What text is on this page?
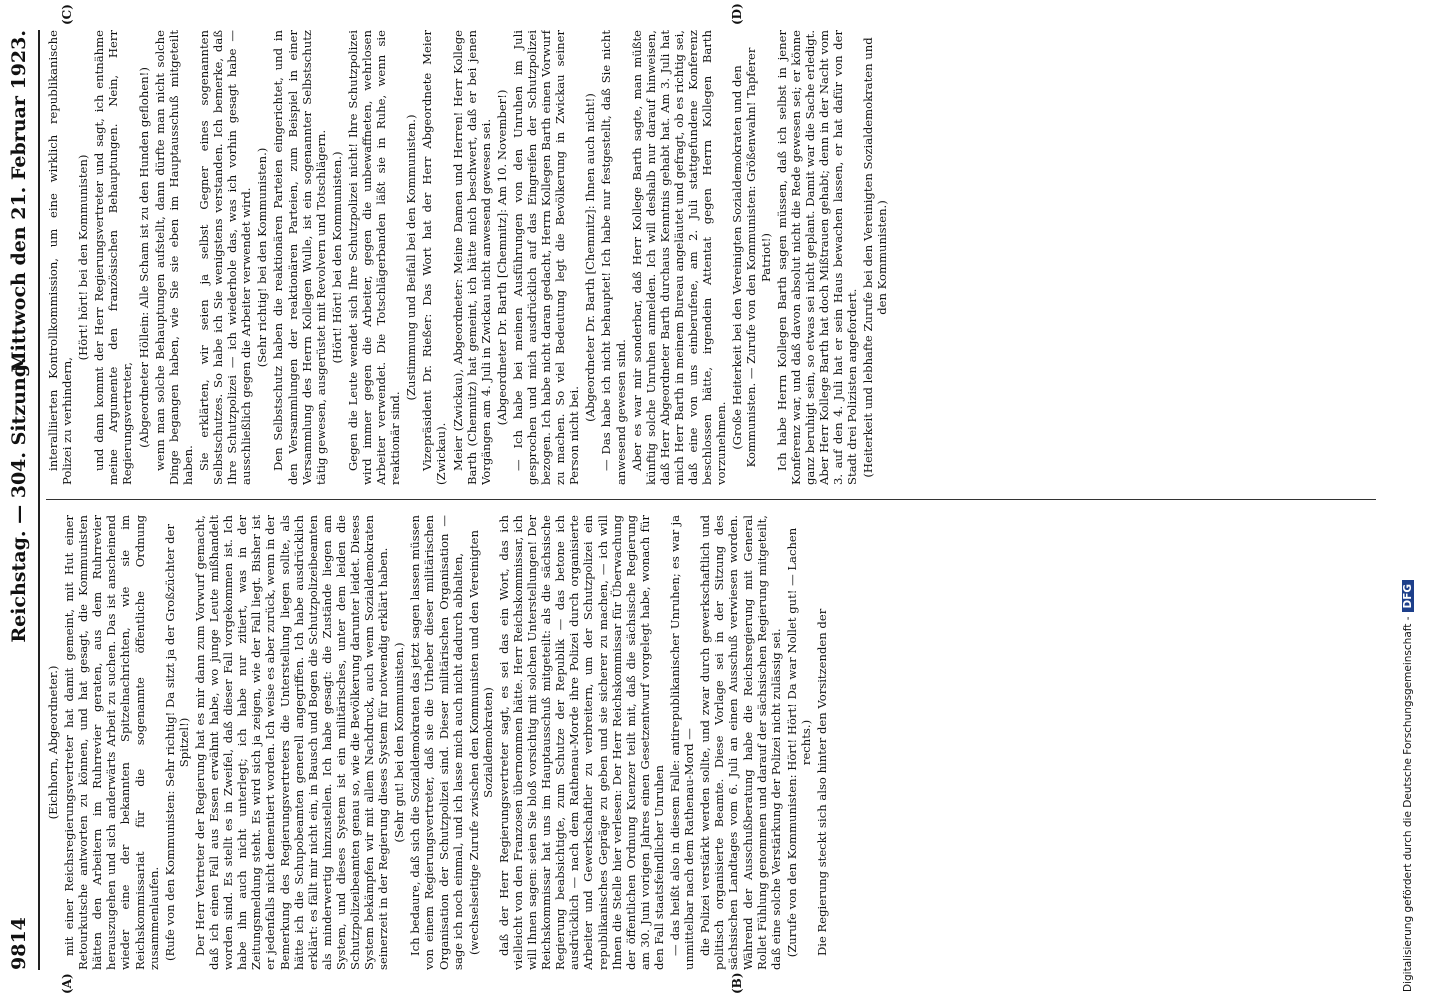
9814
Reichstag. — 304. Sitzung.
Mittwoch den 21. Februar 1923.
(A)	(B)
(C)	(D)

(Eichhorn, Abgeordneter.) mit einer Reichsregierungsvertreter hat damit gemeint, mit Hut einer Retourkutsche antworten zu können, und hat gesagt, die Kommunisten hätten den Arbeitern im Ruhrrevier geraten, aus dem Ruhrrevier herauszugehen und sich anderwärts Arbeit zu suchen. Das ist anscheinend wieder eine der bekannten Spitzelnachrichten, wie sie im Reichskommissariat für die sogenannte öffentliche Ordnung zusammenlaufen. (Rufe von den Kommunisten: Sehr richtig! Da sitzt ja der Großzüchter der Spitzel!) Der Herr Vertreter der Regierung hat es mir dann zum Vorwurf gemacht, daß ich einen Fall aus Essen erwähnt habe, wo junge Leute mißhandelt worden sind. Es stellt es in Zweifel, daß dieser Fall vorgekommen ist. Ich habe ihn auch nicht unterlegt; ich habe nur zitiert, was in der Zeitungsmeldung steht. Es wird sich ja zeigen, wie der Fall liegt. Bisher ist er jedenfalls nicht dementiert worden. Ich weise es aber zurück, wenn in der Bemerkung des Regierungsvertreters die Unterstellung liegen sollte, als hätte ich die Schupobeamten generell angegriffen. Ich habe ausdrücklich erklärt: es fällt mir nicht ein, in Bausch und Bogen die Schutzpolizeibeamten als minderwertig hinzustellen. Ich habe gesagt: die Zustände liegen am System, und dieses System ist ein militärisches, unter dem leiden die Schutzpolizeibeamten genau so, wie die Bevölkerung darunter leidet. Dieses System bekämpfen wir mit allem Nachdruck, auch wenn Sozialdemokraten seinerzeit in der Regierung dieses System für notwendig erklärt haben. (Sehr gut! bei den Kommunisten.) Ich bedaure, daß sich die Sozialdemokraten das jetzt sagen lassen müssen von einem Regierungsvertreter, daß sie die Urheber dieser militärischen Organisation der Schutzpolizei sind. Dieser militärischen Organisation — sage ich noch einmal, und ich lasse mich auch nicht dadurch abhalten, (wechselseitige Zurufe zwischen den Kommunisten und den Vereinigten Sozialdemokraten) daß der Herr Regierungsvertreter sagt, es sei das ein Wort, das ich vielleicht von den Franzosen übernommen hätte. Herr Reichskommissar, ich will Ihnen sagen: seien Sie bloß vorsichtig mit solchen Unterstellungen! Der Reichskommissar hat uns im Hauptausschuß mitgeteilt: als die sächsische Regierung beabsichtigte, zum Schutze der Republik — das betone ich ausdrücklich — nach dem Rathenau-Morde ihre Polizei durch organisierte Arbeiter und Gewerkschaftler zu verbreitern, um der Schutzpolizei ein republikanisches Gepräge zu geben und sie sicherer zu machen, — ich will Ihnen die Stelle hier verlesen: Der Herr Reichskommissar für Überwachung der öffentlichen Ordnung Kuenzer teilt mit, daß die sächsische Regierung am 30. Juni vorigen Jahres einen Gesetzentwurf vorgelegt habe, wonach für den Fall staatsfeindlicher Unruhen — das heißt also in diesem Falle: antirepublikanischer Unruhen; es war ja unmittelbar nach dem Rathenau-Mord — die Polizei verstärkt werden sollte, und zwar durch gewerkschaftlich und politisch organisierte Beamte. Diese Vorlage sei in der Sitzung des sächsischen Landtages vom 6. Juli an einen Ausschuß verwiesen worden. Während der Ausschußberatung habe die Reichsregierung mit General Rollet Fühlung genommen und darauf der sächsischen Regierung mitgeteilt, daß eine solche Verstärkung der Polizei nicht zulässig sei. (Zurufe von den Kommunisten: Hört! Hört! Da war Nollet gut! — Lachen rechts.) Die Regierung steckt sich also hinter den Vorsitzenden der

interalliierten Kontrollkommission, um eine wirklich republikanische Polizei zu verhindern,

(Hört! hört! bei den Kommunisten) und dann kommt der Herr Regierungsvertreter und sagt, ich entnähme meine Argumente den französischen Behauptungen. Nein, Herr Regierungsvertreter, (Abgeordneter Höllein: Alle Scham ist zu den Hunden geflohen!) wenn man solche Behauptungen aufstellt, dann dürfte man nicht solche Dinge begangen haben, wie Sie sie eben im Hauptausschuß mitgeteilt haben. Sie erklärten, wir seien ja selbst Gegner eines sogenannten Selbstschutzes. So habe ich Sie wenigstens verstanden. Ich bemerke, daß Ihre Schutzpolizei — ich wiederhole das, was ich vorhin gesagt habe — ausschließlich gegen die Arbeiter verwendet wird. (Sehr richtig! bei den Kommunisten.) Den Selbstschutz haben die reaktionären Parteien eingerichtet, und in den Versammlungen der reaktionären Parteien, zum Beispiel in einer Versammlung des Herrn Kollegen Wulle, ist ein sogenannter Selbstschutz tätig gewesen, ausgerüstet mit Revolvern und Totschlägern. (Hört! Hört! bei den Kommunisten.) Gegen die Leute wendet sich Ihre Schutzpolizei nicht! Ihre Schutzpolizei wird immer gegen die Arbeiter, gegen die unbewaffneten, wehrlosen Arbeiter verwendet. Die Totschlägerbanden läßt sie in Ruhe, wenn sie reaktionär sind.

(Zustimmung und Beifall bei den Kommunisten.) Vizepräsident Dr. Rießer: Das Wort hat der Herr Abgeordnete Meier (Zwickau). Meier (Zwickau), Abgeordneter: Meine Damen und Herren! Herr Kollege Barth (Chemnitz) hat gemeint, ich hätte mich beschwert, daß er bei jenen Vorgängen am 4. Juli in Zwickau nicht anwesend gewesen sei. (Abgeordneter Dr. Barth [Chemnitz]: Am 10. November!) — Ich habe bei meinen Ausführungen von den Unruhen im Juli gesprochen und mich ausdrücklich auf das Eingreifen der Schutzpolizei bezogen. Ich habe nicht daran gedacht, Herrn Kollegen Barth einen Vorwurf zu machen. So viel Bedeutung legt die Bevölkerung in Zwickau seiner Person nicht bei.

(Abgeordneter Dr. Barth [Chemnitz]: Ihnen auch nicht!) — Das habe ich nicht behauptet! Ich habe nur festgestellt, daß Sie nicht anwesend gewesen sind. Aber es war mir sonderbar, daß Herr Kollege Barth sagte, man müßte künftig solche Unruhen anmelden. Ich will deshalb nur darauf hinweisen, daß Herr Abgeordneter Barth durchaus Kenntnis gehabt hat. Am 3. Juli hat mich Herr Barth in meinem Bureau angeläutet und gefragt, ob es richtig sei, daß eine von uns einberufene, am 2. Juli stattgefundene Konferenz beschlossen hätte, irgendein Attentat gegen Herrn Kollegen Barth vorzunehmen. (Große Heiterkeit bei den Vereinigten Sozialdemokraten und den Kommunisten. — Zurufe von den Kommunisten: Größenwahn! Tapferer Patriot!) Ich habe Herrn Kollegen Barth sagen müssen, daß ich selbst in jener Konferenz war, und daß davon absolut nicht die Rede gewesen sei; er könne ganz beruhigt sein, so etwas sei nicht geplant. Damit war die Sache erledigt. Aber Herr Kollege Barth hat doch Mißtrauen gehabt; denn in der Nacht vom 3. auf den 4. Juli hat er sein Haus bewachen lassen, er hat dafür von der Stadt drei Polizisten angefordert. (Heiterkeit und lebhafte Zurufe bei den Vereinigten Sozialdemokraten und den Kommunisten.)

Digitalisierung gefördert durch die Deutsche Forschungsgemeinschaft -DFG
